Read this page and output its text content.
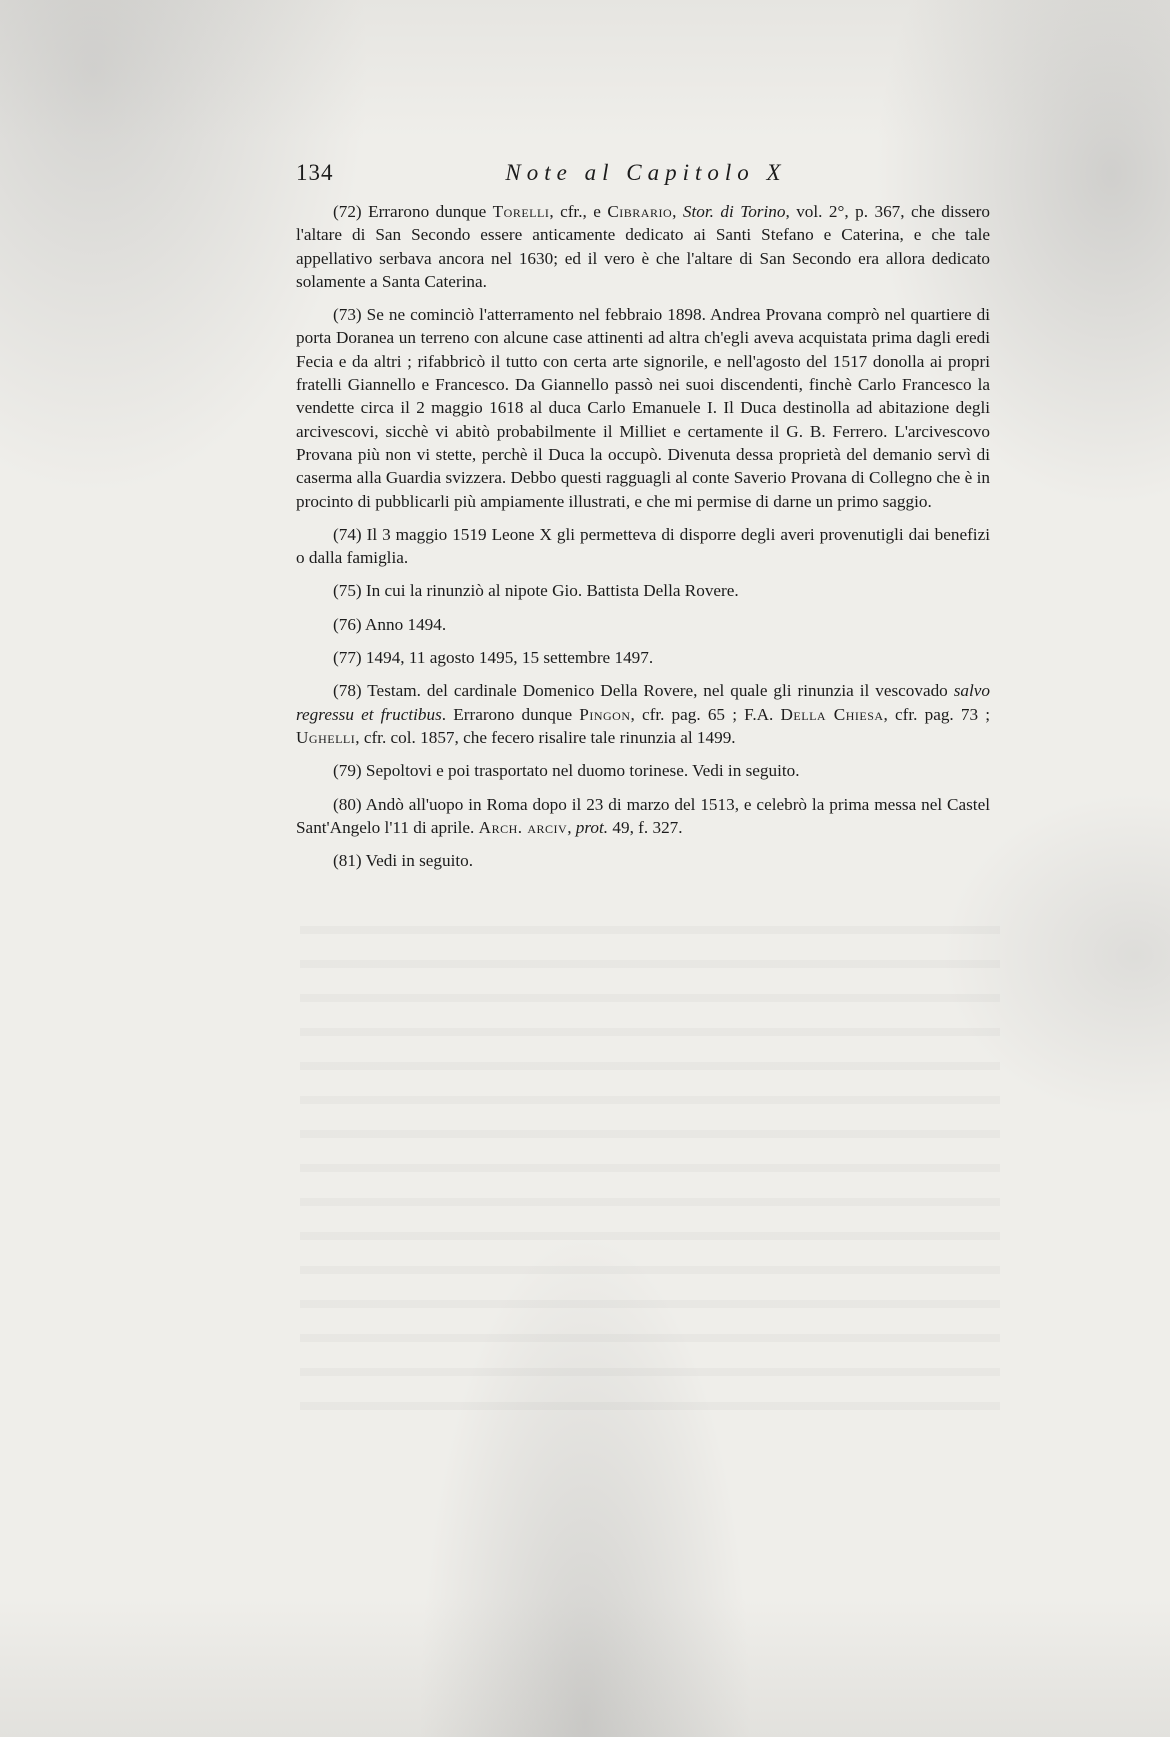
134	Note al Capitolo X

(72) Errarono dunque Torelli, cfr., e Cibrario, Stor. di Torino, vol. 2°, p. 367, che dissero l'altare di San Secondo essere anticamente dedicato ai Santi Stefano e Caterina, e che tale appellativo serbava ancora nel 1630; ed il vero è che l'altare di San Secondo era allora dedicato solamente a Santa Caterina.

(73) Se ne cominciò l'atterramento nel febbraio 1898. Andrea Provana comprò nel quartiere di porta Doranea un terreno con alcune case attinenti ad altra ch'egli aveva acquistata prima dagli eredi Fecia e da altri ; rifabbricò il tutto con certa arte signorile, e nell'agosto del 1517 donolla ai propri fratelli Giannello e Francesco. Da Giannello passò nei suoi discendenti, finchè Carlo Francesco la vendette circa il 2 maggio 1618 al duca Carlo Emanuele I. Il Duca destinolla ad abitazione degli arcivescovi, sicchè vi abitò probabilmente il Milliet e certamente il G. B. Ferrero. L'arcivescovo Provana più non vi stette, perchè il Duca la occupò. Divenuta dessa proprietà del demanio servì di caserma alla Guardia svizzera. Debbo questi ragguagli al conte Saverio Provana di Collegno che è in procinto di pubblicarli più ampiamente illustrati, e che mi permise di darne un primo saggio.

(74) Il 3 maggio 1519 Leone X gli permetteva di disporre degli averi provenutigli dai benefizi o dalla famiglia.

(75) In cui la rinunziò al nipote Gio. Battista Della Rovere.

(76) Anno 1494.

(77) 1494, 11 agosto 1495, 15 settembre 1497.

(78) Testam. del cardinale Domenico Della Rovere, nel quale gli rinunzia il vescovado salvo regressu et fructibus. Errarono dunque Pingon, cfr. pag. 65 ; F.A. Della Chiesa, cfr. pag. 73 ; Ughelli, cfr. col. 1857, che fecero risalire tale rinunzia al 1499.

(79) Sepoltovi e poi trasportato nel duomo torinese. Vedi in seguito.

(80) Andò all'uopo in Roma dopo il 23 di marzo del 1513, e celebrò la prima messa nel Castel Sant'Angelo l'11 di aprile. Arch. arciv, prot. 49, f. 327.

(81) Vedi in seguito.
